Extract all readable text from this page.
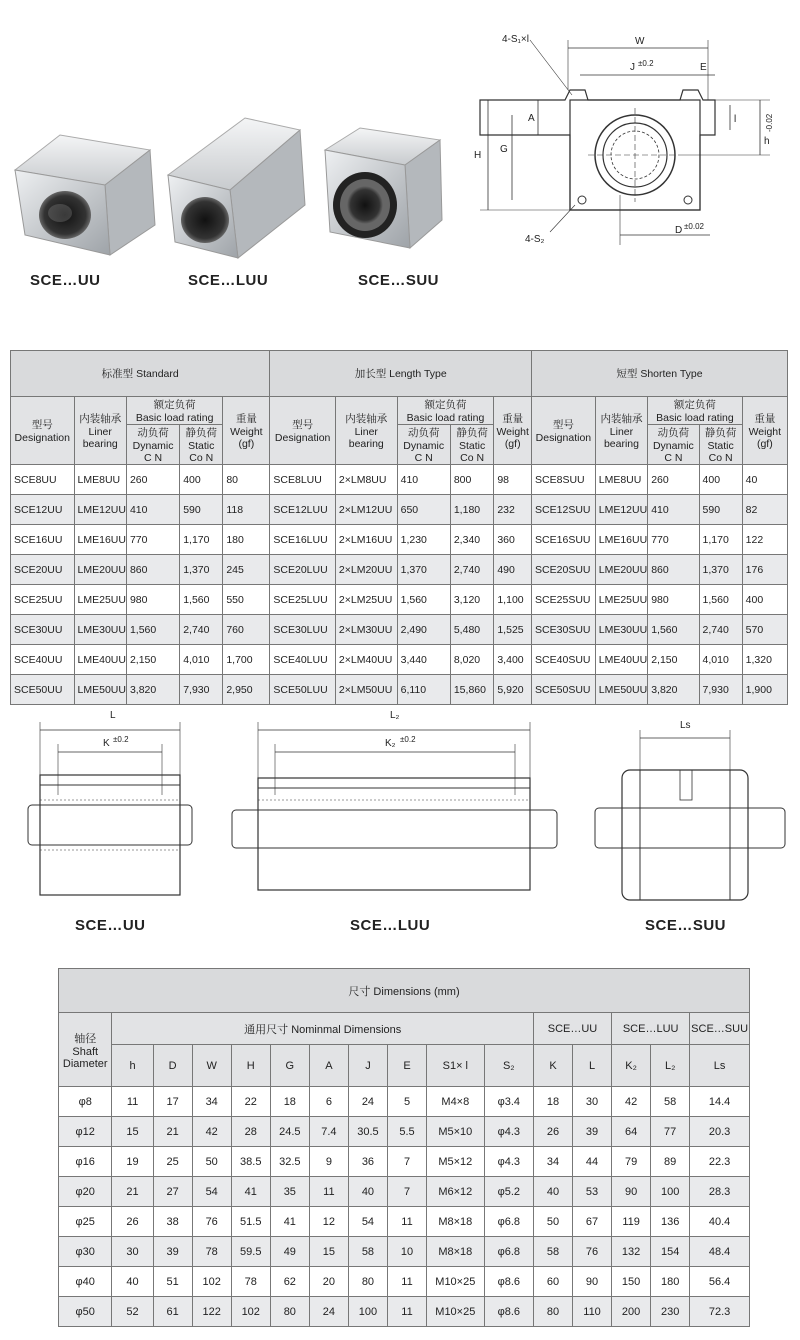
SCE…UU	SCE…LUU	SCE…SUU
4-S₁×l	W
J ±0.2	E
A
H
G
l
h
-0.02
4-S₂
D ±0.02
标准型 Standard					加长型 Length Type					短型 Shorten Type				
型号
Designation	内装轴承
Liner
bearing	额定负荷
Basic load rating		重量
Weight
(gf)	型号
Designation	内装轴承
Liner
bearing	额定负荷
Basic load rating		重量
Weight
(gf)	型号
Designation	内装轴承
Liner
bearing	额定负荷
Basic load rating		重量
Weight
(gf)
		动负荷
Dynamic
C N	静负荷
Static
Co N				动负荷
Dynamic
C N	静负荷
Static
Co N				动负荷
Dynamic
C N	静负荷
Static
Co N	
SCE8UU	LME8UU	260	400	80	SCE8LUU	2×LM8UU	410	800	98	SCE8SUU	LME8UU	260	400	40
SCE12UU	LME12UU	410	590	118	SCE12LUU	2×LM12UU	650	1,180	232	SCE12SUU	LME12UU	410	590	82
SCE16UU	LME16UU	770	1,170	180	SCE16LUU	2×LM16UU	1,230	2,340	360	SCE16SUU	LME16UU	770	1,170	122
SCE20UU	LME20UU	860	1,370	245	SCE20LUU	2×LM20UU	1,370	2,740	490	SCE20SUU	LME20UU	860	1,370	176
SCE25UU	LME25UU	980	1,560	550	SCE25LUU	2×LM25UU	1,560	3,120	1,100	SCE25SUU	LME25UU	980	1,560	400
SCE30UU	LME30UU	1,560	2,740	760	SCE30LUU	2×LM30UU	2,490	5,480	1,525	SCE30SUU	LME30UU	1,560	2,740	570
SCE40UU	LME40UU	2,150	4,010	1,700	SCE40LUU	2×LM40UU	3,440	8,020	3,400	SCE40SUU	LME40UU	2,150	4,010	1,320
SCE50UU	LME50UU	3,820	7,930	2,950	SCE50LUU	2×LM50UU	6,110	15,860	5,920	SCE50SUU	LME50UU	3,820	7,930	1,900
L
K ±0.2
L₂
K₂ ±0.2
Ls
SCE…UU	SCE…LUU	SCE…SUU
尺寸 Dimensions (mm)															
轴径
Shaft
Diameter	通用尺寸 Nominmal Dimensions										SCE…UU		SCE…LUU		SCE…SUU
	h	D	W	H	G	A	J	E	S1× l	S₂	K	L	K₂	L₂	Ls
φ8	11	17	34	22	18	6	24	5	M4×8	φ3.4	18	30	42	58	14.4
φ12	15	21	42	28	24.5	7.4	30.5	5.5	M5×10	φ4.3	26	39	64	77	20.3
φ16	19	25	50	38.5	32.5	9	36	7	M5×12	φ4.3	34	44	79	89	22.3
φ20	21	27	54	41	35	11	40	7	M6×12	φ5.2	40	53	90	100	28.3
φ25	26	38	76	51.5	41	12	54	11	M8×18	φ6.8	50	67	119	136	40.4
φ30	30	39	78	59.5	49	15	58	10	M8×18	φ6.8	58	76	132	154	48.4
φ40	40	51	102	78	62	20	80	11	M10×25	φ8.6	60	90	150	180	56.4
φ50	52	61	122	102	80	24	100	11	M10×25	φ8.6	80	110	200	230	72.3
